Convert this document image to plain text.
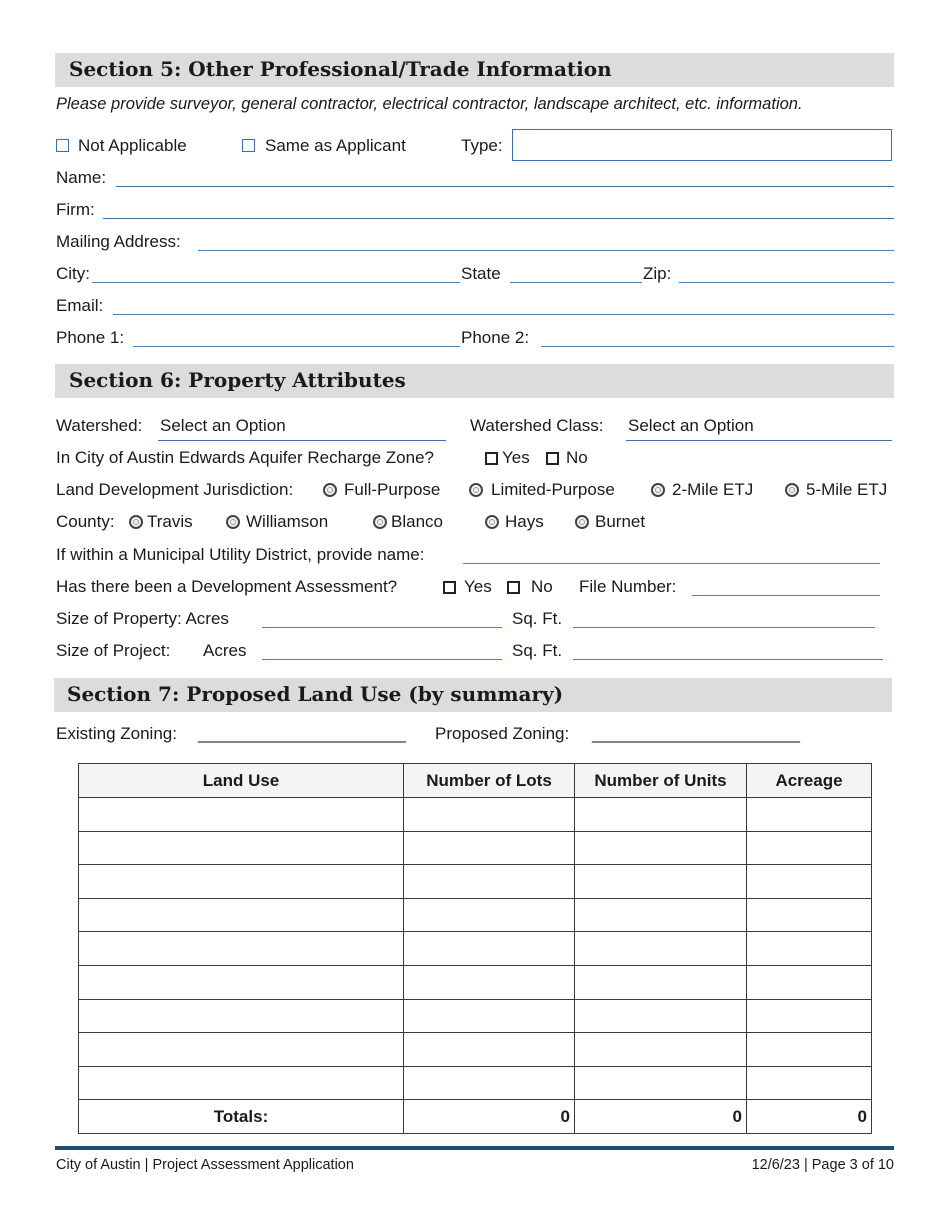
Section 5: Other Professional/Trade Information
Please provide surveyor, general contractor, electrical contractor, landscape architect, etc. information.
Not Applicable	Same as Applicant	Type:
Name:
Firm:
Mailing Address:
City:	State	Zip:
Email:
Phone 1:	Phone 2:
Section 6: Property Attributes
Watershed: Select an Option	Watershed Class: Select an Option
In City of Austin Edwards Aquifer Recharge Zone?	Yes No
Land Development Jurisdiction:	Full-Purpose	Limited-Purpose	2-Mile ETJ	5-Mile ETJ
County: Travis	Williamson	Blanco	Hays	Burnet
If within a Municipal Utility District, provide name:
Has there been a Development Assessment?	Yes No File Number:
Size of Property: Acres	Sq. Ft.
Size of Project: Acres	Sq. Ft.
Section 7: Proposed Land Use (by summary)
Existing Zoning: ______________________ Proposed Zoning: ______________________
Land Use	Number of Lots	Number of Units	Acreage

Totals:	0	0	0
City of Austin | Project Assessment Application	12/6/23 | Page 3 of 10
